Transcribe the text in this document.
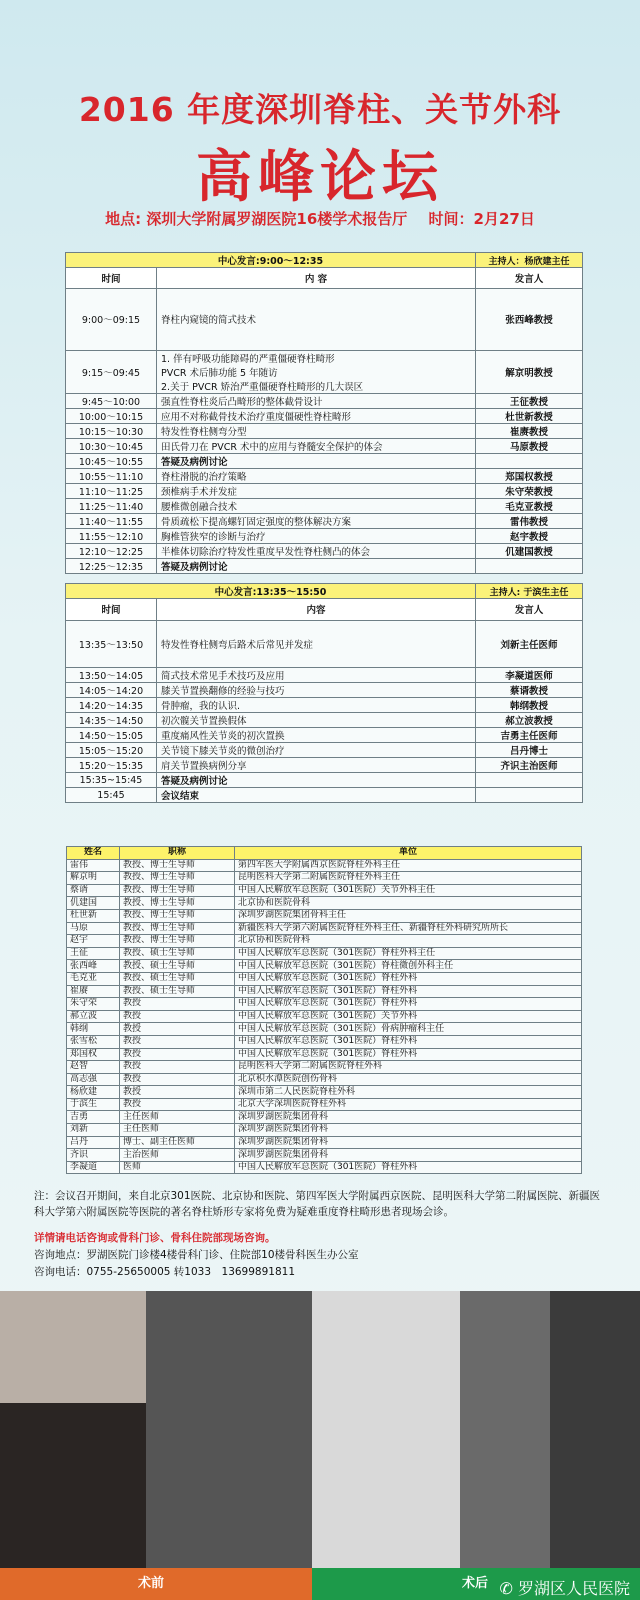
2016 年度深圳脊柱、关节外科
高峰论坛
地点: 深圳大学附属罗湖医院16楼学术报告厅 时间：2月27日
中心发言:9:00～12:35		主持人：杨欣建主任
时间	内 容	发言人
9:00～09:15	脊柱内窥镜的简式技术	张西峰教授
9:15～09:45	1. 伴有呼吸功能障碍的严重僵硬脊柱畸形
PVCR 术后肺功能 5 年随访
2.关于 PVCR 矫治严重僵硬脊柱畸形的几大误区	解京明教授
9:45～10:00	强直性脊柱炎后凸畸形的整体截骨设计	王征教授
10:00～10:15	应用不对称截骨技术治疗重度僵硬性脊柱畸形	杜世新教授
10:15～10:30	特发性脊柱侧弯分型	崔赓教授
10:30～10:45	田氏骨刀在 PVCR 术中的应用与脊髓安全保护的体会	马原教授
10:45～10:55	答疑及病例讨论	
10:55～11:10	脊柱滑脱的治疗策略	郑国权教授
11:10～11:25	颈椎病手术并发症	朱守荣教授
11:25～11:40	腰椎微创融合技术	毛克亚教授
11:40～11:55	骨质疏松下提高螺钉固定强度的整体解决方案	雷伟教授
11:55～12:10	胸椎管狭窄的诊断与治疗	赵宇教授
12:10～12:25	半椎体切除治疗特发性重度早发性脊柱侧凸的体会	仉建国教授
12:25～12:35	答疑及病例讨论	
中心发言:13:35～15:50		主持人: 于滨生主任
时间	内容	发言人
13:35～13:50	特发性脊柱侧弯后路术后常见并发症	刘新主任医师
13:50～14:05	简式技术常见手术技巧及应用	李凝道医师
14:05～14:20	膝关节置换翻修的经验与技巧	蔡谞教授
14:20～14:35	骨肿瘤，我的认识.	韩纲教授
14:35～14:50	初次髋关节置换假体	郝立波教授
14:50～15:05	重度痛风性关节炎的初次置换	吉勇主任医师
15:05～15:20	关节镜下膝关节炎的微创治疗	吕丹博士
15:20～15:35	肩关节置换病例分享	齐识主治医师
15:35~15:45	答疑及病例讨论	
15:45	会议结束	
姓名	职称	单位
雷伟	教授、博士生导师	第四军医大学附属西京医院脊柱外科主任
解京明	教授、博士生导师	昆明医科大学第二附属医院脊柱外科主任
蔡谞	教授、博士生导师	中国人民解放军总医院（301医院）关节外科主任
仉建国	教授、博士生导师	北京协和医院骨科
杜世新	教授、博士生导师	深圳罗湖医院集团骨科主任
马原	教授、博士生导师	新疆医科大学第六附属医院脊柱外科主任、新疆脊柱外科研究所所长
赵宇	教授、博士生导师	北京协和医院骨科
王征	教授、硕士生导师	中国人民解放军总医院（301医院）脊柱外科主任
张西峰	教授、硕士生导师	中国人民解放军总医院（301医院）脊柱微创外科主任
毛克亚	教授、硕士生导师	中国人民解放军总医院（301医院）脊柱外科
崔赓	教授、硕士生导师	中国人民解放军总医院（301医院）脊柱外科
朱守荣	教授	中国人民解放军总医院（301医院）脊柱外科
郝立波	教授	中国人民解放军总医院（301医院）关节外科
韩纲	教授	中国人民解放军总医院（301医院）骨病肿瘤科主任
张雪松	教授	中国人民解放军总医院（301医院）脊柱外科
郑国权	教授	中国人民解放军总医院（301医院）脊柱外科
赵智	教授	昆明医科大学第二附属医院脊柱外科
高志强	教授	北京积水潭医院创伤骨科
杨欣建	教授	深圳市第二人民医院脊柱外科
于滨生	教授	北京大学深圳医院脊柱外科
吉勇	主任医师	深圳罗湖医院集团骨科
刘新	主任医师	深圳罗湖医院集团骨科
吕丹	博士、副主任医师	深圳罗湖医院集团骨科
齐识	主治医师	深圳罗湖医院集团骨科
李凝道	医师	中国人民解放军总医院（301医院）脊柱外科
注：会议召开期间，来自北京301医院、北京协和医院、第四军医大学附属西京医院、昆明医科大学第二附属医院、新疆医科大学第六附属医院等医院的著名脊柱矫形专家将免费为疑难重度脊柱畸形患者现场会诊。
详情请电话咨询或骨科门诊、骨科住院部现场咨询。
咨询地点：罗湖医院门诊楼4楼骨科门诊、住院部10楼骨科医生办公室
咨询电话：0755-25650005 转1033　13699891811
术前	术后 ✆ 罗湖区人民医院
